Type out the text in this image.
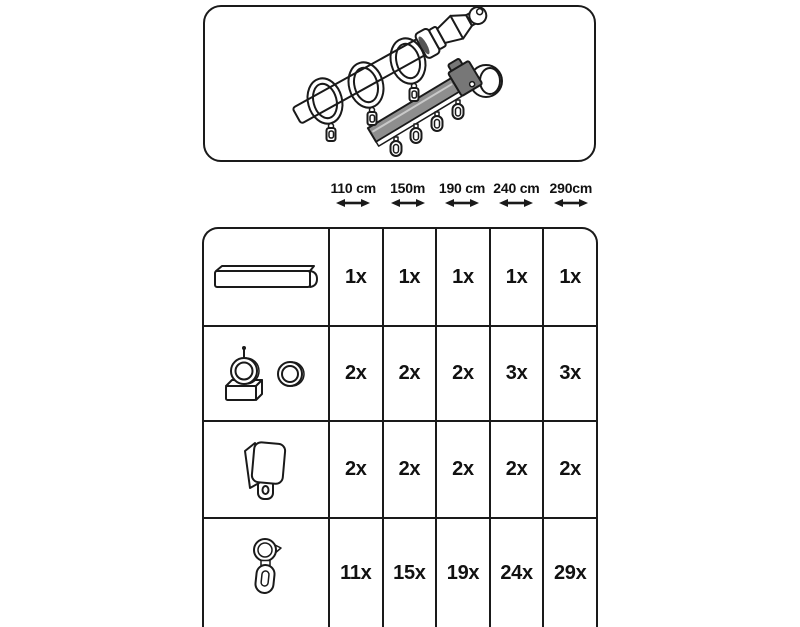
110 cm 150m 190 cm 240 cm 290cm
1x 1x 1x 1x 1x
2x 2x 2x 3x 3x
2x 2x 2x 2x 2x
11x 15x 19x 24x 29x
